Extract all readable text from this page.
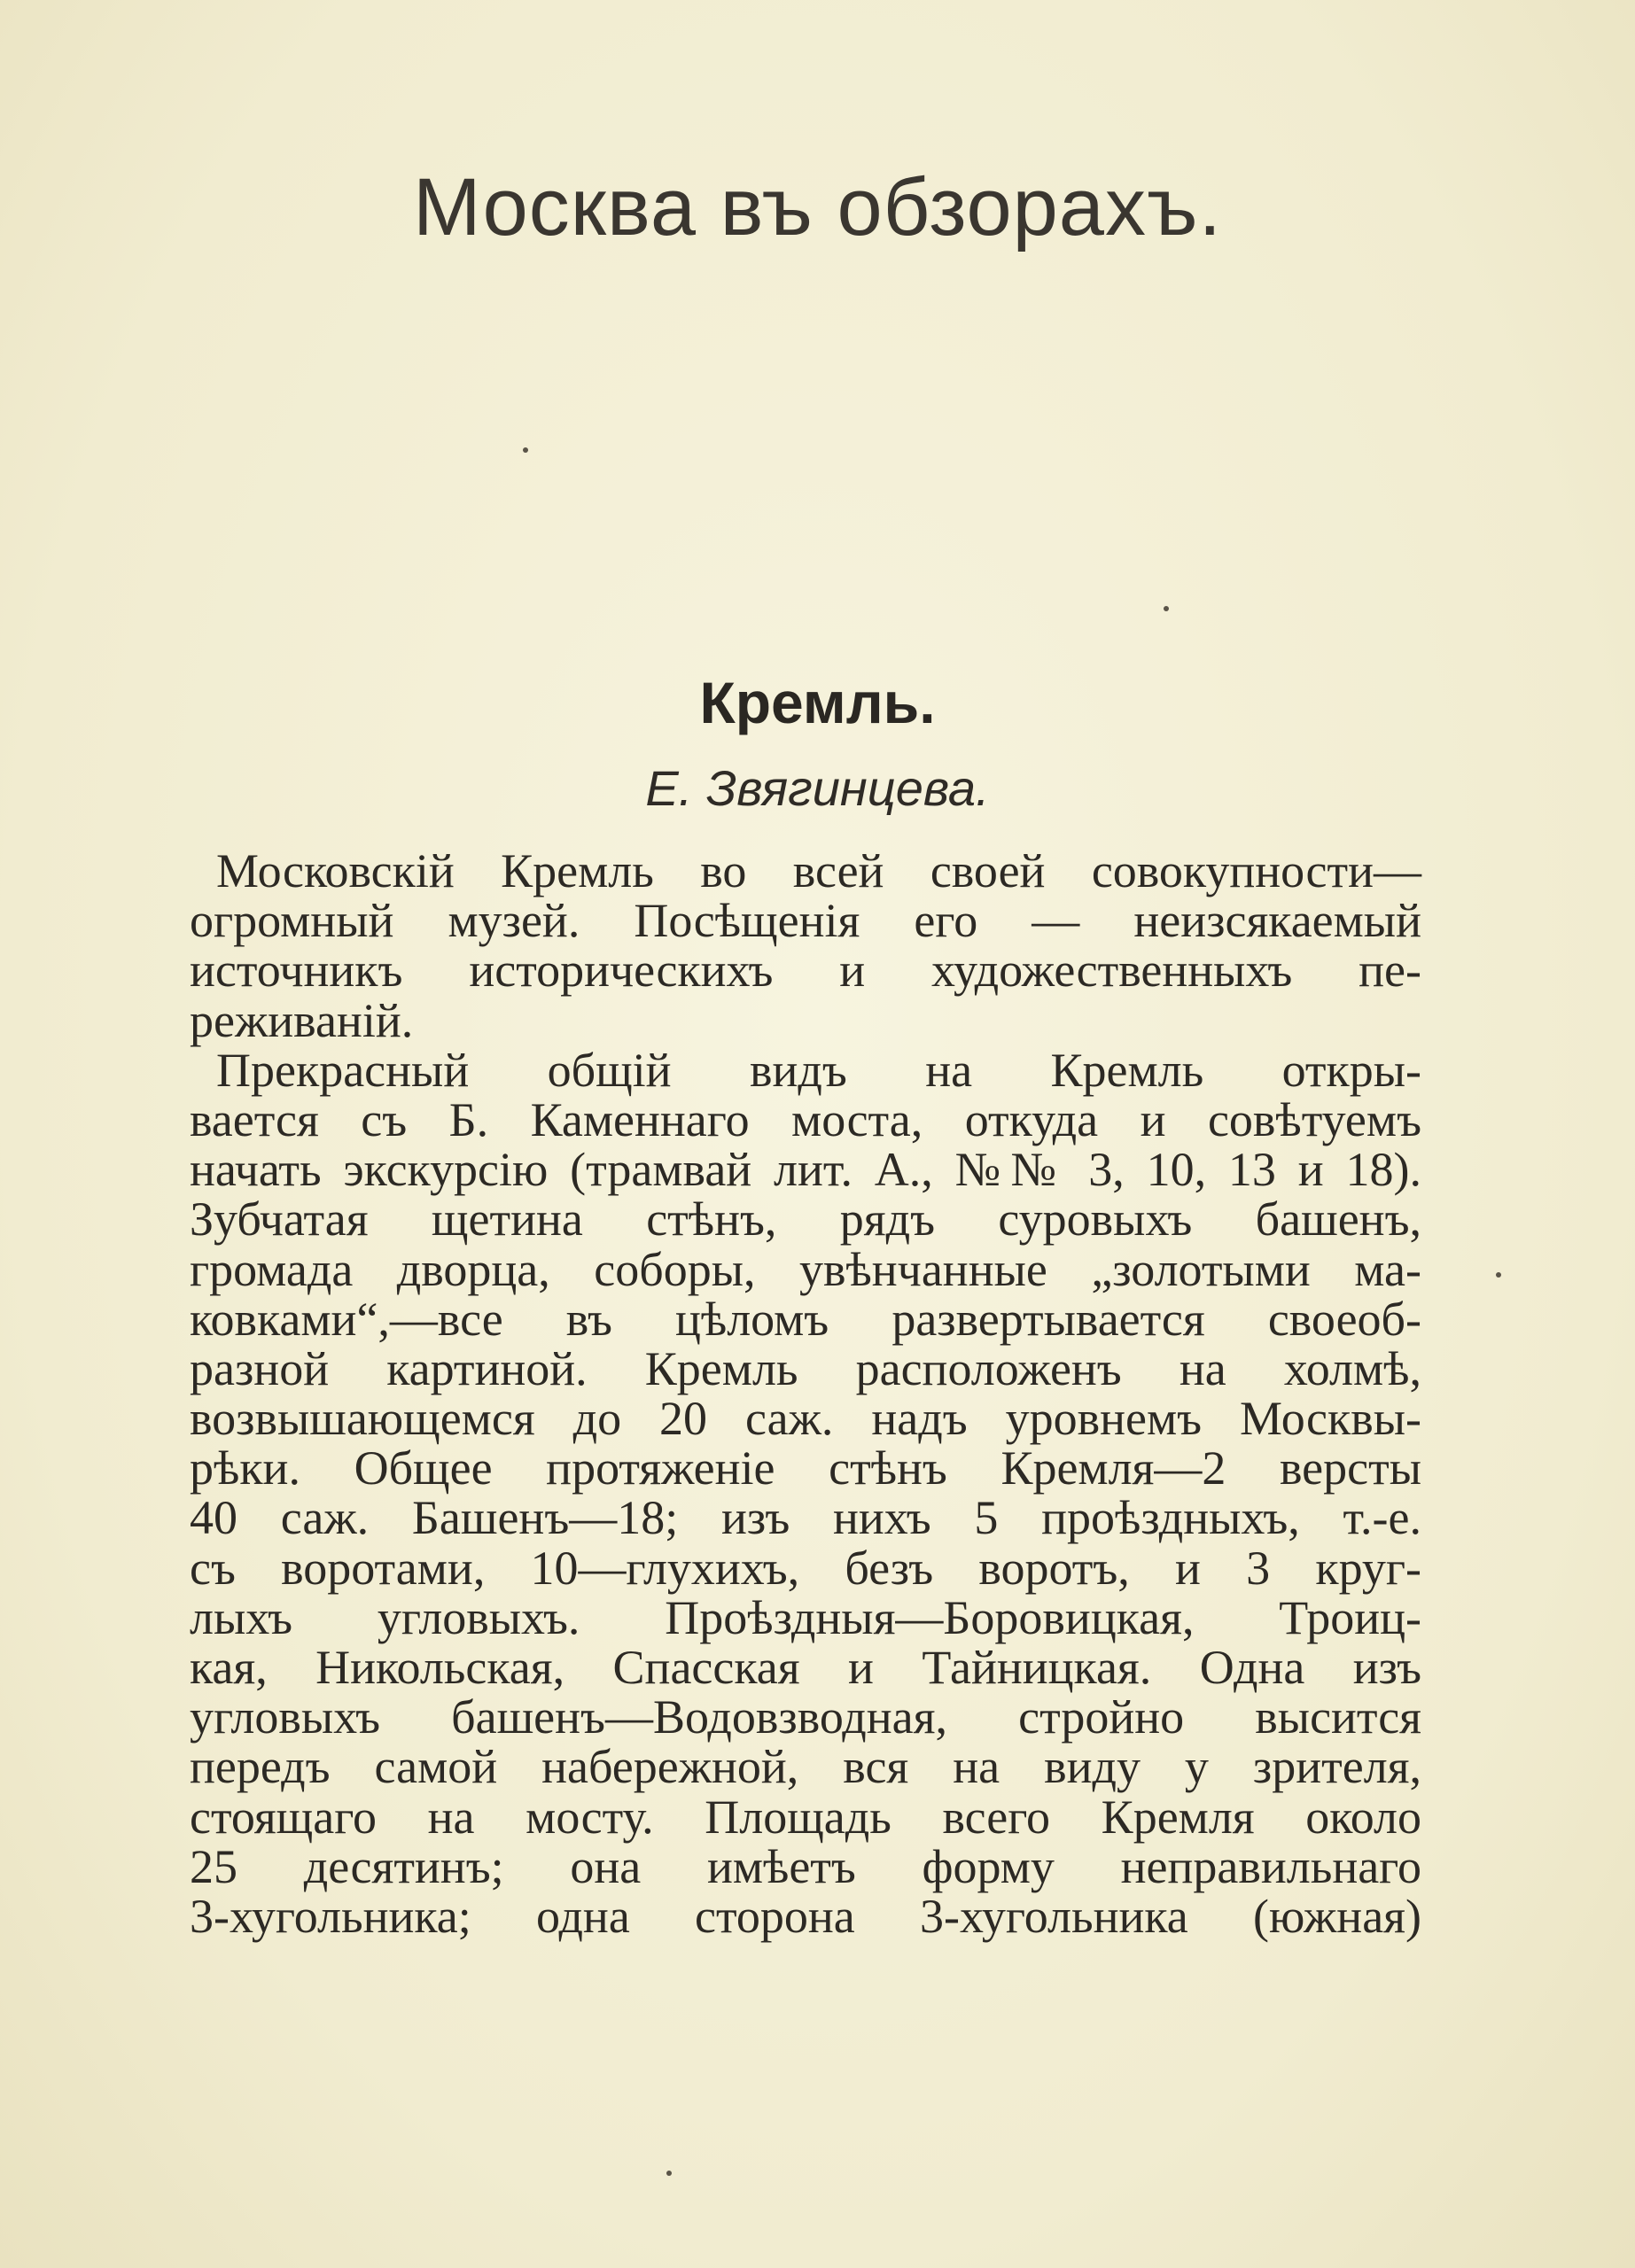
Москва въ обзорахъ.
Кремль.
Е. Звягинцева.

Московскій Кремль во всей своей совокупности—
огромный музей. Посѣщенія его — неизсякаемый
источникъ историческихъ и художественныхъ пе-
реживаній.

Прекрасный общій видъ на Кремль откры-
вается съ Б. Каменнаго моста, откуда и совѣтуемъ
начать экскурсію (трамвай лит. А., №№ 3, 10, 13 и 18).
Зубчатая щетина стѣнъ, рядъ суровыхъ башенъ,
громада дворца, соборы, увѣнчанные „золотыми ма-
ковками“,—все въ цѣломъ развертывается своеоб-
разной картиной. Кремль расположенъ на холмѣ,
возвышающемся до 20 саж. надъ уровнемъ Москвы-
рѣки. Общее протяженіе стѣнъ Кремля—2 версты
40 саж. Башенъ—18; изъ нихъ 5 проѣздныхъ, т.-е.
съ воротами, 10—глухихъ, безъ воротъ, и 3 круг-
лыхъ угловыхъ. Проѣздныя—Боровицкая, Троиц-
кая, Никольская, Спасская и Тайницкая. Одна изъ
угловыхъ башенъ—Водовзводная, стройно высится
передъ самой набережной, вся на виду у зрителя,
стоящаго на мосту. Площадь всего Кремля около
25 десятинъ; она имѣетъ форму неправильнаго
3-хугольника; одна сторона 3-хугольника (южная)
